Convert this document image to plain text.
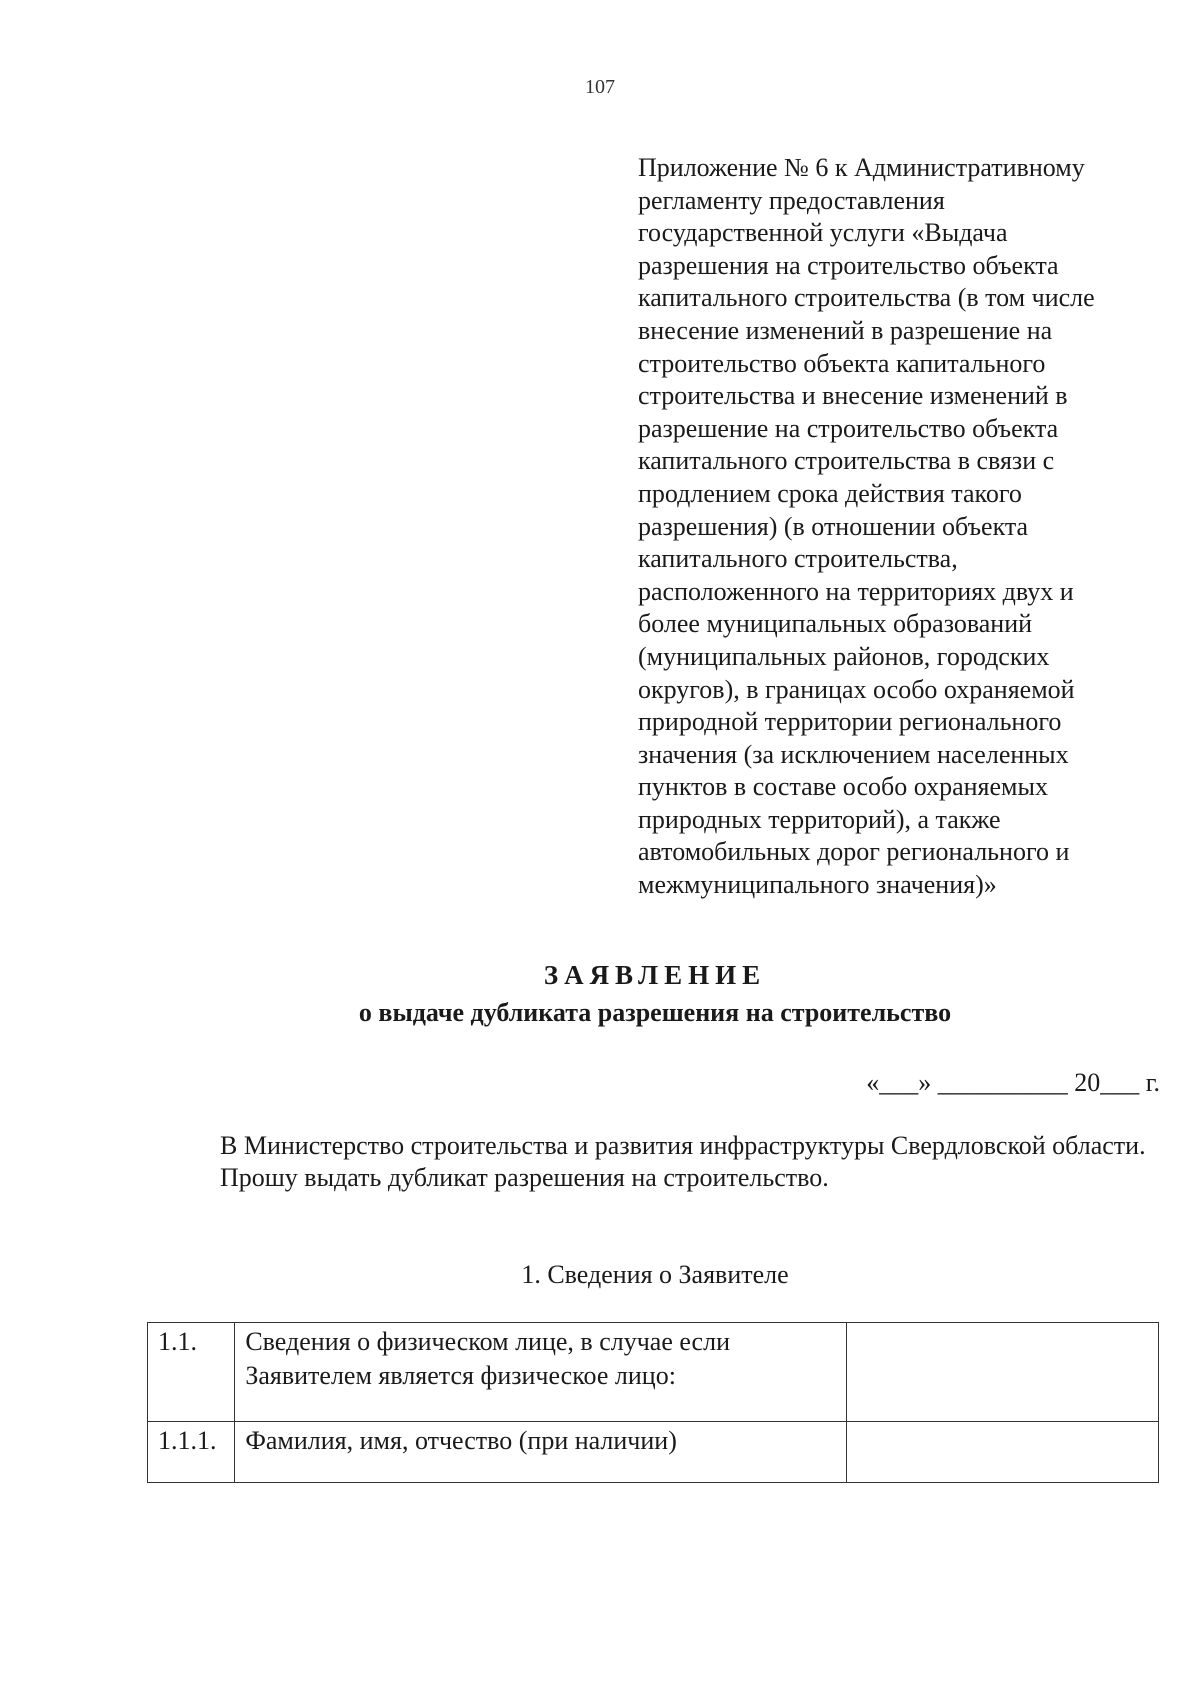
107
Приложение № 6 к Административному
регламенту предоставления
государственной услуги «Выдача
разрешения на строительство объекта
капитального строительства (в том числе
внесение изменений в разрешение на
строительство объекта капитального
строительства и внесение изменений в
разрешение на строительство объекта
капитального строительства в связи с
продлением срока действия такого
разрешения) (в отношении объекта
капитального строительства,
расположенного на территориях двух и
более муниципальных образований
(муниципальных районов, городских
округов), в границах особо охраняемой
природной территории регионального
значения (за исключением населенных
пунктов в составе особо охраняемых
природных территорий), а также
автомобильных дорог регионального и
межмуниципального значения)»
ЗАЯВЛЕНИЕ
о выдаче дубликата разрешения на строительство
«___» __________ 20___ г.

В Министерство строительства и развития инфраструктуры Свердловской области.

Прошу выдать дубликат разрешения на строительство.

1. Сведения о Заявителе
1.1.	Сведения о физическом лице, в случае если Заявителем является физическое лицо:	
1.1.1.	Фамилия, имя, отчество (при наличии)	
